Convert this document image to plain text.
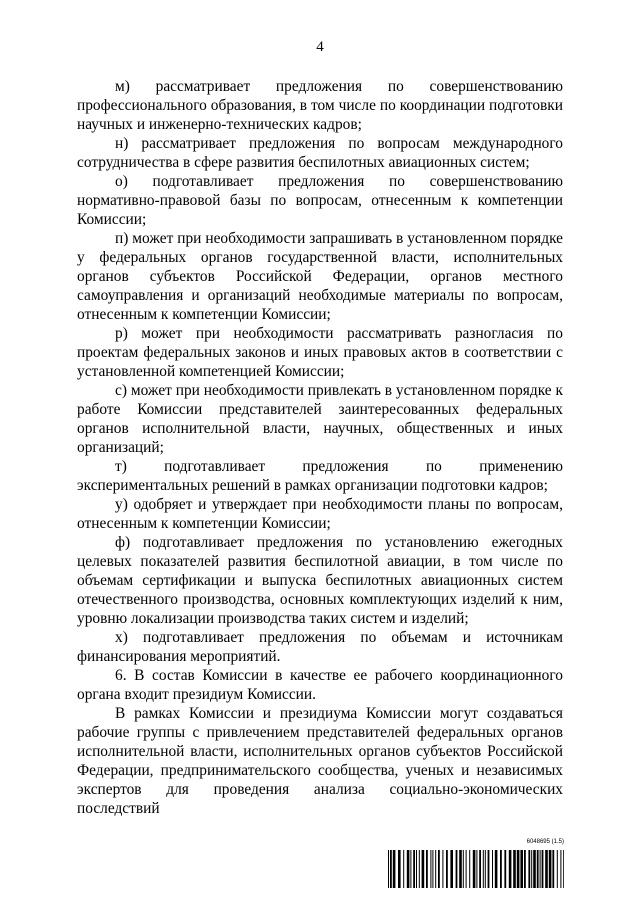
4

м) рассматривает предложения по совершенствованию профессионального образования, в том числе по координации подготовки научных и инженерно-технических кадров;

н) рассматривает предложения по вопросам международного сотрудничества в сфере развития беспилотных авиационных систем;

о) подготавливает предложения по совершенствованию нормативно-правовой базы по вопросам, отнесенным к компетенции Комиссии;

п) может при необходимости запрашивать в установленном порядке у федеральных органов государственной власти, исполнительных органов субъектов Российской Федерации, органов местного самоуправления и организаций необходимые материалы по вопросам, отнесенным к компетенции Комиссии;

р) может при необходимости рассматривать разногласия по проектам федеральных законов и иных правовых актов в соответствии с установленной компетенцией Комиссии;

с) может при необходимости привлекать в установленном порядке к работе Комиссии представителей заинтересованных федеральных органов исполнительной власти, научных, общественных и иных организаций;

т) подготавливает предложения по применению экспериментальных решений в рамках организации подготовки кадров;

у) одобряет и утверждает при необходимости планы по вопросам, отнесенным к компетенции Комиссии;

ф) подготавливает предложения по установлению ежегодных целевых показателей развития беспилотной авиации, в том числе по объемам сертификации и выпуска беспилотных авиационных систем отечественного производства, основных комплектующих изделий к ним, уровню локализации производства таких систем и изделий;

х) подготавливает предложения по объемам и источникам финансирования мероприятий.

6. В состав Комиссии в качестве ее рабочего координационного органа входит президиум Комиссии.

В рамках Комиссии и президиума Комиссии могут создаваться рабочие группы с привлечением представителей федеральных органов исполнительной власти, исполнительных органов субъектов Российской Федерации, предпринимательского сообщества, ученых и независимых экспертов для проведения анализа социально-экономических последствий

6048695 (1.5)
